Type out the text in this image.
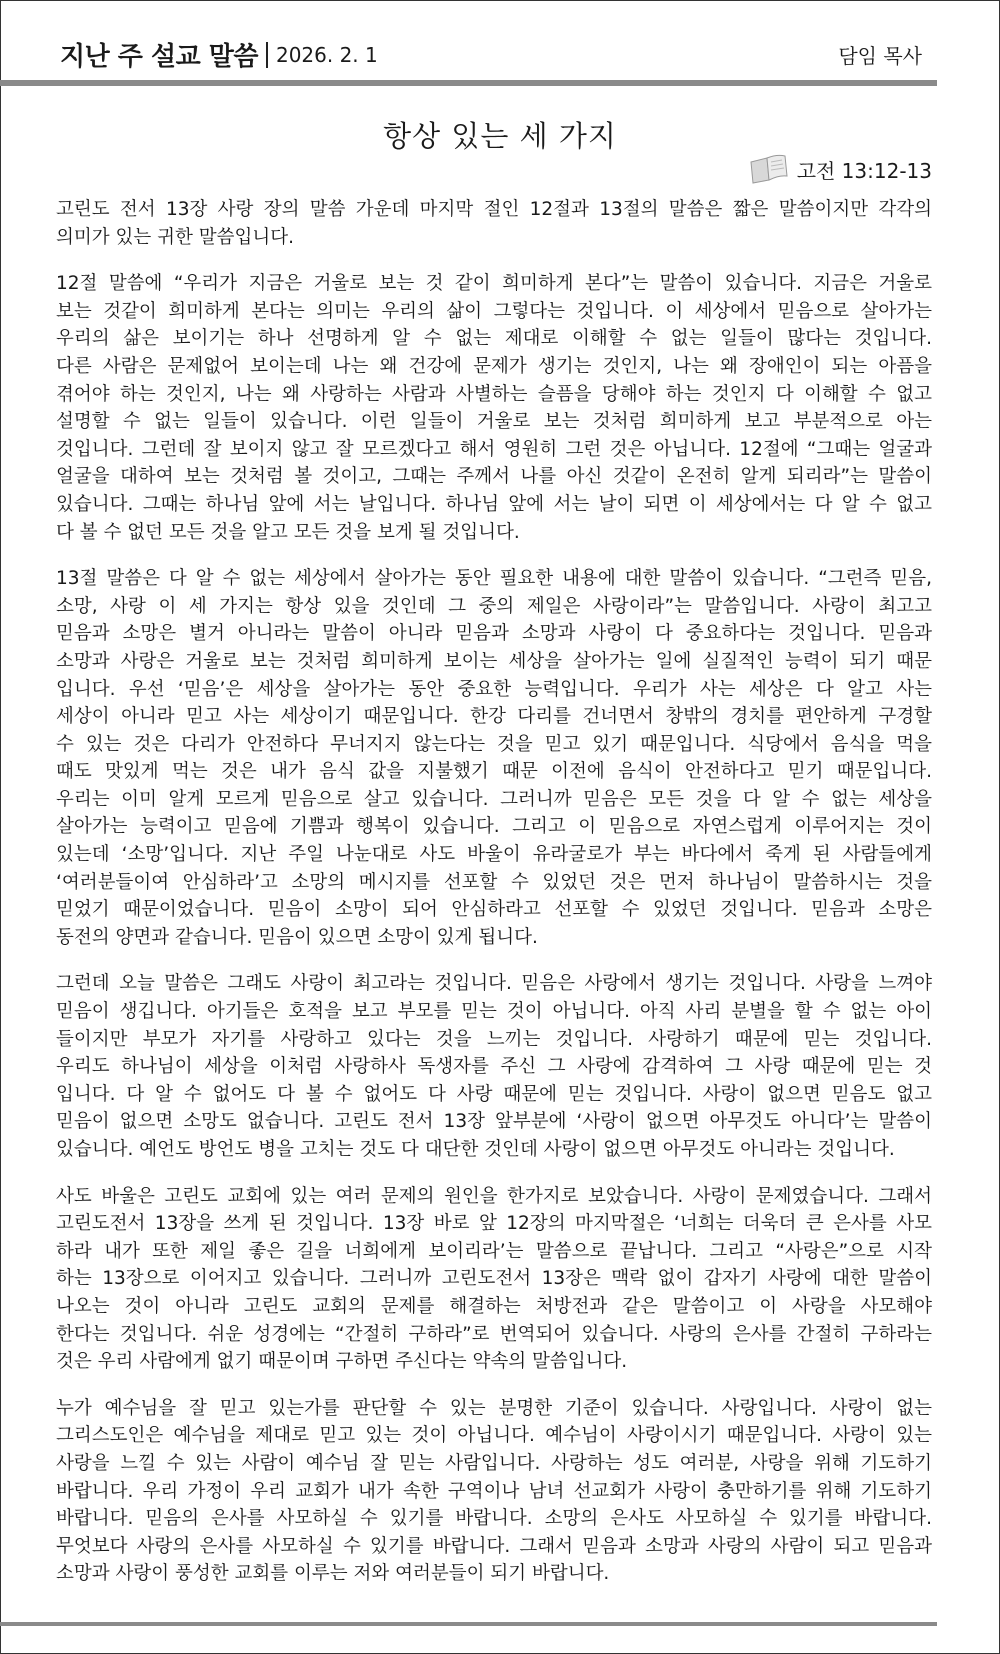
지난 주 설교 말씀 2026. 2. 1	담임 목사
항상 있는 세 가지
고전 13:12-13
고린도 전서 13장 사랑 장의 말씀 가운데 마지막 절인 12절과 13절의 말씀은 짧은 말씀이지만 각각의
의미가 있는 귀한 말씀입니다.
12절 말씀에 “우리가 지금은 거울로 보는 것 같이 희미하게 본다”는 말씀이 있습니다. 지금은 거울로
보는 것같이 희미하게 본다는 의미는 우리의 삶이 그렇다는 것입니다. 이 세상에서 믿음으로 살아가는
우리의 삶은 보이기는 하나 선명하게 알 수 없는 제대로 이해할 수 없는 일들이 많다는 것입니다.
다른 사람은 문제없어 보이는데 나는 왜 건강에 문제가 생기는 것인지, 나는 왜 장애인이 되는 아픔을
겪어야 하는 것인지, 나는 왜 사랑하는 사람과 사별하는 슬픔을 당해야 하는 것인지 다 이해할 수 없고
설명할 수 없는 일들이 있습니다. 이런 일들이 거울로 보는 것처럼 희미하게 보고 부분적으로 아는
것입니다. 그런데 잘 보이지 않고 잘 모르겠다고 해서 영원히 그런 것은 아닙니다. 12절에 “그때는 얼굴과
얼굴을 대하여 보는 것처럼 볼 것이고, 그때는 주께서 나를 아신 것같이 온전히 알게 되리라”는 말씀이
있습니다. 그때는 하나님 앞에 서는 날입니다. 하나님 앞에 서는 날이 되면 이 세상에서는 다 알 수 없고
다 볼 수 없던 모든 것을 알고 모든 것을 보게 될 것입니다.
13절 말씀은 다 알 수 없는 세상에서 살아가는 동안 필요한 내용에 대한 말씀이 있습니다. “그런즉 믿음,
소망, 사랑 이 세 가지는 항상 있을 것인데 그 중의 제일은 사랑이라”는 말씀입니다. 사랑이 최고고
믿음과 소망은 별거 아니라는 말씀이 아니라 믿음과 소망과 사랑이 다 중요하다는 것입니다. 믿음과
소망과 사랑은 거울로 보는 것처럼 희미하게 보이는 세상을 살아가는 일에 실질적인 능력이 되기 때문
입니다. 우선 ‘믿음’은 세상을 살아가는 동안 중요한 능력입니다. 우리가 사는 세상은 다 알고 사는
세상이 아니라 믿고 사는 세상이기 때문입니다. 한강 다리를 건너면서 창밖의 경치를 편안하게 구경할
수 있는 것은 다리가 안전하다 무너지지 않는다는 것을 믿고 있기 때문입니다. 식당에서 음식을 먹을
때도 맛있게 먹는 것은 내가 음식 값을 지불했기 때문 이전에 음식이 안전하다고 믿기 때문입니다.
우리는 이미 알게 모르게 믿음으로 살고 있습니다. 그러니까 믿음은 모든 것을 다 알 수 없는 세상을
살아가는 능력이고 믿음에 기쁨과 행복이 있습니다. 그리고 이 믿음으로 자연스럽게 이루어지는 것이
있는데 ‘소망’입니다. 지난 주일 나눈대로 사도 바울이 유라굴로가 부는 바다에서 죽게 된 사람들에게
‘여러분들이여 안심하라’고 소망의 메시지를 선포할 수 있었던 것은 먼저 하나님이 말씀하시는 것을
믿었기 때문이었습니다. 믿음이 소망이 되어 안심하라고 선포할 수 있었던 것입니다. 믿음과 소망은
동전의 양면과 같습니다. 믿음이 있으면 소망이 있게 됩니다.
그런데 오늘 말씀은 그래도 사랑이 최고라는 것입니다. 믿음은 사랑에서 생기는 것입니다. 사랑을 느껴야
믿음이 생깁니다. 아기들은 호적을 보고 부모를 믿는 것이 아닙니다. 아직 사리 분별을 할 수 없는 아이
들이지만 부모가 자기를 사랑하고 있다는 것을 느끼는 것입니다. 사랑하기 때문에 믿는 것입니다.
우리도 하나님이 세상을 이처럼 사랑하사 독생자를 주신 그 사랑에 감격하여 그 사랑 때문에 믿는 것
입니다. 다 알 수 없어도 다 볼 수 없어도 다 사랑 때문에 믿는 것입니다. 사랑이 없으면 믿음도 없고
믿음이 없으면 소망도 없습니다. 고린도 전서 13장 앞부분에 ‘사랑이 없으면 아무것도 아니다’는 말씀이
있습니다. 예언도 방언도 병을 고치는 것도 다 대단한 것인데 사랑이 없으면 아무것도 아니라는 것입니다.
사도 바울은 고린도 교회에 있는 여러 문제의 원인을 한가지로 보았습니다. 사랑이 문제였습니다. 그래서
고린도전서 13장을 쓰게 된 것입니다. 13장 바로 앞 12장의 마지막절은 ‘너희는 더욱더 큰 은사를 사모
하라 내가 또한 제일 좋은 길을 너희에게 보이리라’는 말씀으로 끝납니다. 그리고 “사랑은”으로 시작
하는 13장으로 이어지고 있습니다. 그러니까 고린도전서 13장은 맥락 없이 갑자기 사랑에 대한 말씀이
나오는 것이 아니라 고린도 교회의 문제를 해결하는 처방전과 같은 말씀이고 이 사랑을 사모해야
한다는 것입니다. 쉬운 성경에는 “간절히 구하라”로 번역되어 있습니다. 사랑의 은사를 간절히 구하라는
것은 우리 사람에게 없기 때문이며 구하면 주신다는 약속의 말씀입니다.
누가 예수님을 잘 믿고 있는가를 판단할 수 있는 분명한 기준이 있습니다. 사랑입니다. 사랑이 없는
그리스도인은 예수님을 제대로 믿고 있는 것이 아닙니다. 예수님이 사랑이시기 때문입니다. 사랑이 있는
사랑을 느낄 수 있는 사람이 예수님 잘 믿는 사람입니다. 사랑하는 성도 여러분, 사랑을 위해 기도하기
바랍니다. 우리 가정이 우리 교회가 내가 속한 구역이나 남녀 선교회가 사랑이 충만하기를 위해 기도하기
바랍니다. 믿음의 은사를 사모하실 수 있기를 바랍니다. 소망의 은사도 사모하실 수 있기를 바랍니다.
무엇보다 사랑의 은사를 사모하실 수 있기를 바랍니다. 그래서 믿음과 소망과 사랑의 사람이 되고 믿음과
소망과 사랑이 풍성한 교회를 이루는 저와 여러분들이 되기 바랍니다.
